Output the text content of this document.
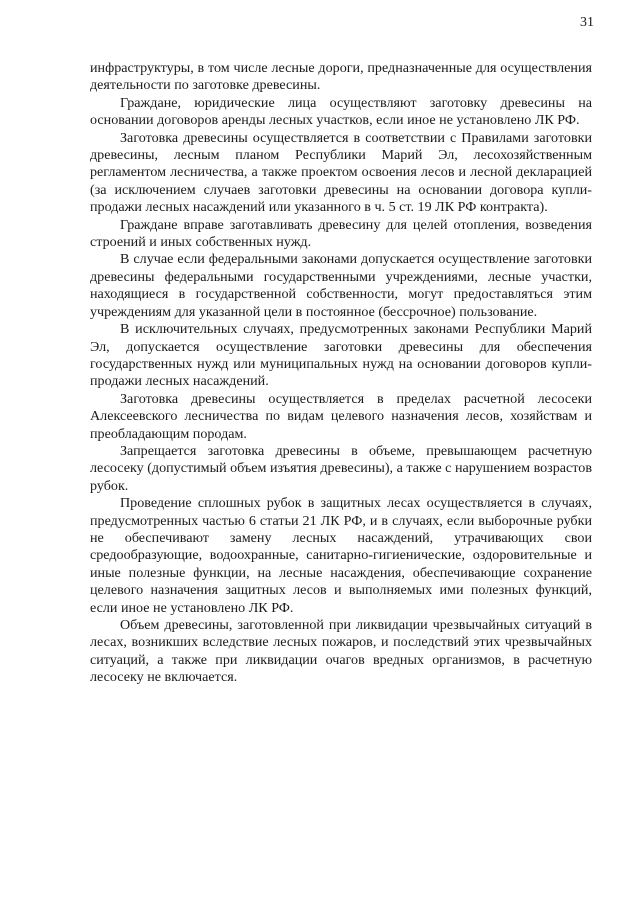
31

инфраструктуры, в том числе лесные дороги, предназначенные для осуществления деятельности по заготовке древесины.

Граждане, юридические лица осуществляют заготовку древесины на основании договоров аренды лесных участков, если иное не установлено ЛК РФ.

Заготовка древесины осуществляется в соответствии с Правилами заготовки древесины, лесным планом Республики Марий Эл, лесохозяйственным регламентом лесничества, а также проектом освоения лесов и лесной декларацией (за исключением случаев заготовки древесины на основании договора купли-продажи лесных насаждений или указанного в ч. 5 ст. 19 ЛК РФ контракта).

Граждане вправе заготавливать древесину для целей отопления, возведения строений и иных собственных нужд.

В случае если федеральными законами допускается осуществление заготовки древесины федеральными государственными учреждениями, лесные участки, находящиеся в государственной собственности, могут предоставляться этим учреждениям для указанной цели в постоянное (бессрочное) пользование.

В исключительных случаях, предусмотренных законами Республики Марий Эл, допускается осуществление заготовки древесины для обеспечения государственных нужд или муниципальных нужд на основании договоров купли-продажи лесных насаждений.

Заготовка древесины осуществляется в пределах расчетной лесосеки Алексеевского лесничества по видам целевого назначения лесов, хозяйствам и преобладающим породам.

Запрещается заготовка древесины в объеме, превышающем расчетную лесосеку (допустимый объем изъятия древесины), а также с нарушением возрастов рубок.

Проведение сплошных рубок в защитных лесах осуществляется в случаях, предусмотренных частью 6 статьи 21 ЛК РФ, и в случаях, если выборочные рубки не обеспечивают замену лесных насаждений, утрачивающих свои средообразующие, водоохранные, санитарно-гигиенические, оздоровительные и иные полезные функции, на лесные насаждения, обеспечивающие сохранение целевого назначения защитных лесов и выполняемых ими полезных функций, если иное не установлено ЛК РФ.

Объем древесины, заготовленной при ликвидации чрезвычайных ситуаций в лесах, возникших вследствие лесных пожаров, и последствий этих чрезвычайных ситуаций, а также при ликвидации очагов вредных организмов, в расчетную лесосеку не включается.
